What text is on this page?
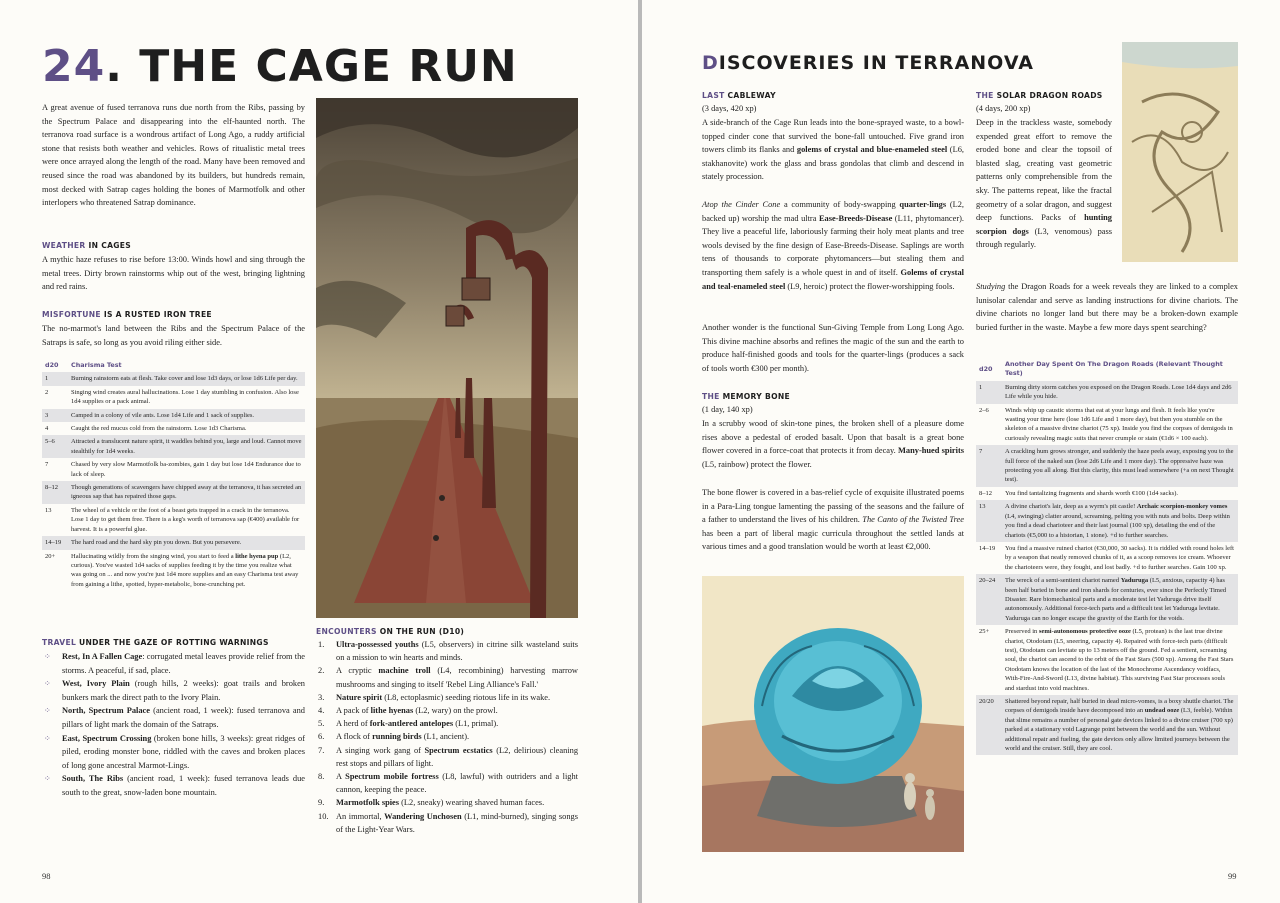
24. THE CAGE RUN

A great avenue of fused terranova runs due north from the Ribs, passing by the Spectrum Palace and disappearing into the elf-haunted north. The terranova road surface is a wondrous artifact of Long Ago, a ruddy artificial stone that resists both weather and vehicles. Rows of ritualistic metal trees were once arrayed along the length of the road. Many have been removed and reused since the road was abandoned by its builders, but hundreds remain, most decked with Satrap cages holding the bones of Marmotfolk and other interlopers who threatened Satrap dominance.

WEATHER IN CAGES

A mythic haze refuses to rise before 13:00. Winds howl and sing through the metal trees. Dirty brown rainstorms whip out of the west, bringing lightning and red rains.

MISFORTUNE IS A RUSTED IRON TREE

The no-marmot's land between the Ribs and the Spectrum Palace of the Satraps is safe, so long as you avoid riling either side.

d20	Charisma Test
1	Burning rainstorm eats at flesh. Take cover and lose 1d3 days, or lose 1d6 Life per day.
2	Singing wind creates aural hallucinations. Lose 1 day stumbling in confusion. Also lose 1d4 supplies or a pack animal.
3	Camped in a colony of vile ants. Lose 1d4 Life and 1 sack of supplies.
4	Caught the red mucus cold from the rainstorm. Lose 1d3 Charisma.
5–6	Attracted a translucent nature spirit, it waddles behind you, large and loud. Cannot move stealthily for 1d4 weeks.
7	Chased by very slow Marmotfolk ba-zombies, gain 1 day but lose 1d4 Endurance due to lack of sleep.
8–12	Though generations of scavengers have chipped away at the terranova, it has secreted an igneous sap that has repaired those gaps.
13	The wheel of a vehicle or the foot of a beast gets trapped in a crack in the terranova. Lose 1 day to get them free. There is a keg's worth of terranova sap (€400) available for harvest. It is a powerful glue.
14–19	The hard road and the hard sky pin you down. But you persevere.
20+	Hallucinating wildly from the singing wind, you start to feed a lithe hyena pup (L2, curious). You've wasted 1d4 sacks of supplies feeding it by the time you realize what was going on ... and now you're just 1d4 more supplies and an easy Charisma test away from gaining a lithe, spotted, hyper-metabolic, bone-crunching pet.
TRAVEL UNDER THE GAZE OF ROTTING WARNINGS
⁘ Rest, In A Fallen Cage: corrugated metal leaves provide relief from the storms. A peaceful, if sad, place.
⁘ West, Ivory Plain (rough hills, 2 weeks): goat trails and broken bunkers mark the direct path to the Ivory Plain.
⁘ North, Spectrum Palace (ancient road, 1 week): fused terranova and pillars of light mark the domain of the Satraps.
⁘ East, Spectrum Crossing (broken bone hills, 3 weeks): great ridges of piled, eroding monster bone, riddled with the caves and broken places of long gone ancestral Marmot-Lings.
⁘ South, The Ribs (ancient road, 1 week): fused terranova leads due south to the great, snow-laden bone mountain.
ENCOUNTERS ON THE RUN (D10)
1. Ultra-possessed youths (L5, observers) in citrine silk wasteland suits on a mission to win hearts and minds.
2. A cryptic machine troll (L4, recombining) harvesting marrow mushrooms and singing to itself 'Rebel Ling Alliance's Fall.'
3. Nature spirit (L8, ectoplasmic) seeding riotous life in its wake.
4. A pack of lithe hyenas (L2, wary) on the prowl.
5. A herd of fork-antlered antelopes (L1, primal).
6. A flock of running birds (L1, ancient).
7. A singing work gang of Spectrum ecstatics (L2, delirious) cleaning rest stops and pillars of light.
8. A Spectrum mobile fortress (L8, lawful) with outriders and a light cannon, keeping the peace.
9. Marmotfolk spies (L2, sneaky) wearing shaved human faces.
10. An immortal, Wandering Unchosen (L1, mind-burned), singing songs of the Light-Year Wars.
98
DISCOVERIES IN TERRANOVA
LAST CABLEWAY
(3 days, 420 xp)

A side-branch of the Cage Run leads into the bone-sprayed waste, to a bowl-topped cinder cone that survived the bone-fall untouched. Five grand iron towers climb its flanks and golems of crystal and blue-enameled steel (L6, stakhanovite) work the glass and brass gondolas that climb and descend in stately procession.

Atop the Cinder Cone a community of body-swapping quarter-lings (L2, backed up) worship the mad ultra Ease-Breeds-Disease (L11, phytomancer). They live a peaceful life, laboriously farming their holy meat plants and tree wools devised by the fine design of Ease-Breeds-Disease. Saplings are worth tens of thousands to corporate phytomancers—but stealing them and transporting them safely is a whole quest in and of itself. Golems of crystal and teal-enameled steel (L9, heroic) protect the flower-worshipping fools.

Another wonder is the functional Sun-Giving Temple from Long Long Ago. This divine machine absorbs and refines the magic of the sun and the earth to produce half-finished goods and tools for the quarter-lings (produces a sack of tools worth €300 per month).

THE MEMORY BONE
(1 day, 140 xp)

In a scrubby wood of skin-tone pines, the broken shell of a pleasure dome rises above a pedestal of eroded basalt. Upon that basalt is a great bone flower covered in a force-coat that protects it from decay. Many-hued spirits (L5, rainbow) protect the flower.

The bone flower is covered in a bas-relief cycle of exquisite illustrated poems in a Para-Ling tongue lamenting the passing of the seasons and the failure of a father to understand the lives of his children. The Canto of the Twisted Tree has been a part of liberal magic curricula throughout the settled lands at various times and a good translation would be worth at least €2,000.

THE SOLAR DRAGON ROADS
(4 days, 200 xp)

Deep in the trackless waste, somebody expended great effort to remove the eroded bone and clear the topsoil of blasted slag, creating vast geometric patterns only comprehensible from the sky. The patterns repeat, like the fractal geometry of a solar dragon, and suggest deep functions. Packs of hunting scorpion dogs (L3, venomous) pass through regularly.

Studying the Dragon Roads for a week reveals they are linked to a complex lunisolar calendar and serve as landing instructions for divine chariots. The divine chariots no longer land but there may be a broken-down example buried further in the waste. Maybe a few more days spent searching?

d20	Another Day Spent On The Dragon Roads (Relevant Thought Test)
1	Burning dirty storm catches you exposed on the Dragon Roads. Lose 1d4 days and 2d6 Life while you hide.
2–6	Winds whip up caustic storms that eat at your lungs and flesh. It feels like you're wasting your time here (lose 1d6 Life and 1 more day), but then you stumble on the skeleton of a massive divine chariot (75 xp). Inside you find the corpses of demigods in curiously revealing magic suits that never crumple or stain (€1d6 × 100 each).
7	A crackling hum grows stronger, and suddenly the haze peels away, exposing you to the full force of the naked sun (lose 2d6 Life and 1 more day). The oppressive haze was protecting you all along. But this clarity, this must lead somewhere (+a on next Thought test).
8–12	You find tantalizing fragments and shards worth €100 (1d4 sacks).
13	A divine chariot's lair, deep as a wyrm's pit castle! Archaic scorpion-monkey vomes (L4, swinging) clatter around, screaming, pelting you with nuts and bolts. Deep within you find a dead charioteer and their last journal (100 xp), detailing the end of the chariots (€5,000 to a historian, 1 stone). +d to further searches.
14–19	You find a massive ruined chariot (€30,000, 30 sacks). It is riddled with round holes left by a weapon that neatly removed chunks of it, as a scoop removes ice cream. Whoever the charioteers were, they fought, and lost badly. +d to further searches. Gain 100 xp.
20–24	The wreck of a semi-sentient chariot named Yaduruga (L5, anxious, capacity 4) has been half buried in bone and iron shards for centuries, ever since the Perfectly Timed Disaster. Rare biomechanical parts and a moderate test let Yaduruga drive itself autonomously. Additional force-tech parts and a difficult test let Yaduruga levitate. Yaduruga can no longer escape the gravity of the Earth for the voids.
25+	Preserved in semi-autonomous protective ooze (L5, protean) is the last true divine chariot, Otodotam (L5, sneering, capacity 4). Repaired with force-tech parts (difficult test), Otodotam can levitate up to 13 meters off the ground. Fed a sentient, screaming soul, the chariot can ascend to the orbit of the Fast Stars (500 xp). Among the Fast Stars Otodotam knows the location of the last of the Monochrome Ascendancy voidfacs, With-Fire-And-Sword (L13, divine habitat). This surviving Fast Star processes souls and stardust into void machines.
20/20	Shattered beyond repair, half buried in dead micro-vomes, is a boxy shuttle chariot. The corpses of demigods inside have decomposed into an undead ooze (L3, feeble). Within that slime remains a number of personal gate devices linked to a divine cruiser (700 xp) parked at a stationary void Lagrange point between the world and the sun. Without additional repair and fueling, the gate devices only allow limited journeys between the world and the cruiser. Still, they are cool.
99
